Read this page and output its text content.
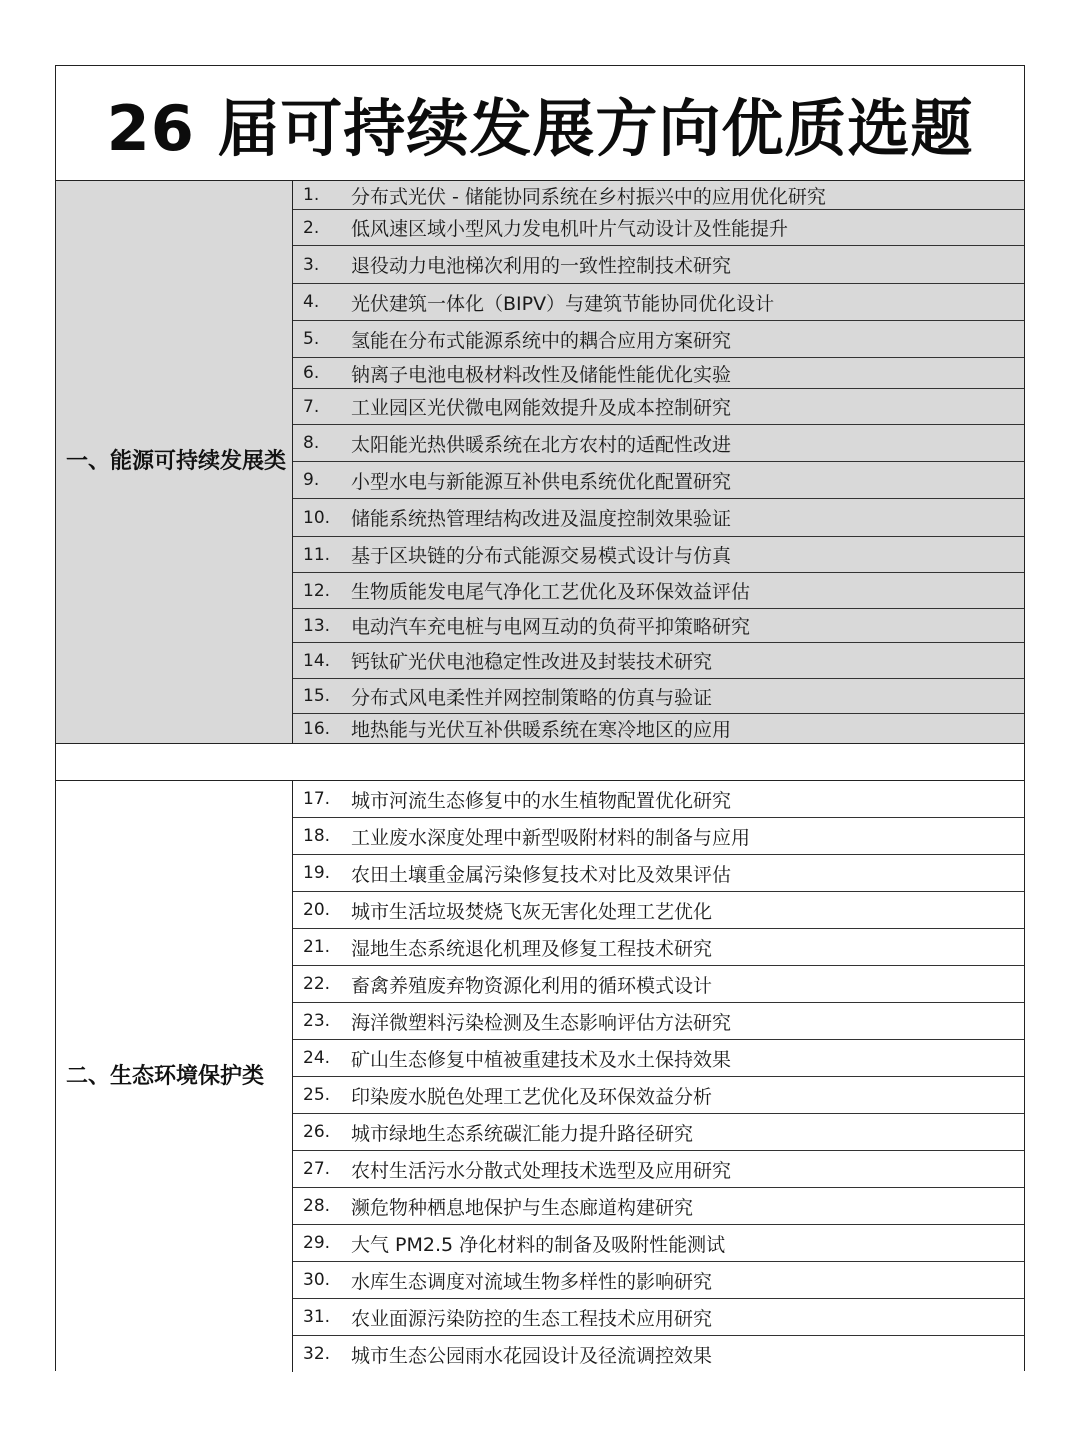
26 届可持续发展方向优质选题
一、能源可持续发展类
1.	分布式光伏 - 储能协同系统在乡村振兴中的应用优化研究
2.	低风速区域小型风力发电机叶片气动设计及性能提升
3.	退役动力电池梯次利用的一致性控制技术研究
4.	光伏建筑一体化（BIPV）与建筑节能协同优化设计
5.	氢能在分布式能源系统中的耦合应用方案研究
6.	钠离子电池电极材料改性及储能性能优化实验
7.	工业园区光伏微电网能效提升及成本控制研究
8.	太阳能光热供暖系统在北方农村的适配性改进
9.	小型水电与新能源互补供电系统优化配置研究
10.	储能系统热管理结构改进及温度控制效果验证
11.	基于区块链的分布式能源交易模式设计与仿真
12.	生物质能发电尾气净化工艺优化及环保效益评估
13.	电动汽车充电桩与电网互动的负荷平抑策略研究
14.	钙钛矿光伏电池稳定性改进及封装技术研究
15.	分布式风电柔性并网控制策略的仿真与验证
16.	地热能与光伏互补供暖系统在寒冷地区的应用
二、生态环境保护类
17.	城市河流生态修复中的水生植物配置优化研究
18.	工业废水深度处理中新型吸附材料的制备与应用
19.	农田土壤重金属污染修复技术对比及效果评估
20.	城市生活垃圾焚烧飞灰无害化处理工艺优化
21.	湿地生态系统退化机理及修复工程技术研究
22.	畜禽养殖废弃物资源化利用的循环模式设计
23.	海洋微塑料污染检测及生态影响评估方法研究
24.	矿山生态修复中植被重建技术及水土保持效果
25.	印染废水脱色处理工艺优化及环保效益分析
26.	城市绿地生态系统碳汇能力提升路径研究
27.	农村生活污水分散式处理技术选型及应用研究
28.	濒危物种栖息地保护与生态廊道构建研究
29.	大气 PM2.5 净化材料的制备及吸附性能测试
30.	水库生态调度对流域生物多样性的影响研究
31.	农业面源污染防控的生态工程技术应用研究
32.	城市生态公园雨水花园设计及径流调控效果
